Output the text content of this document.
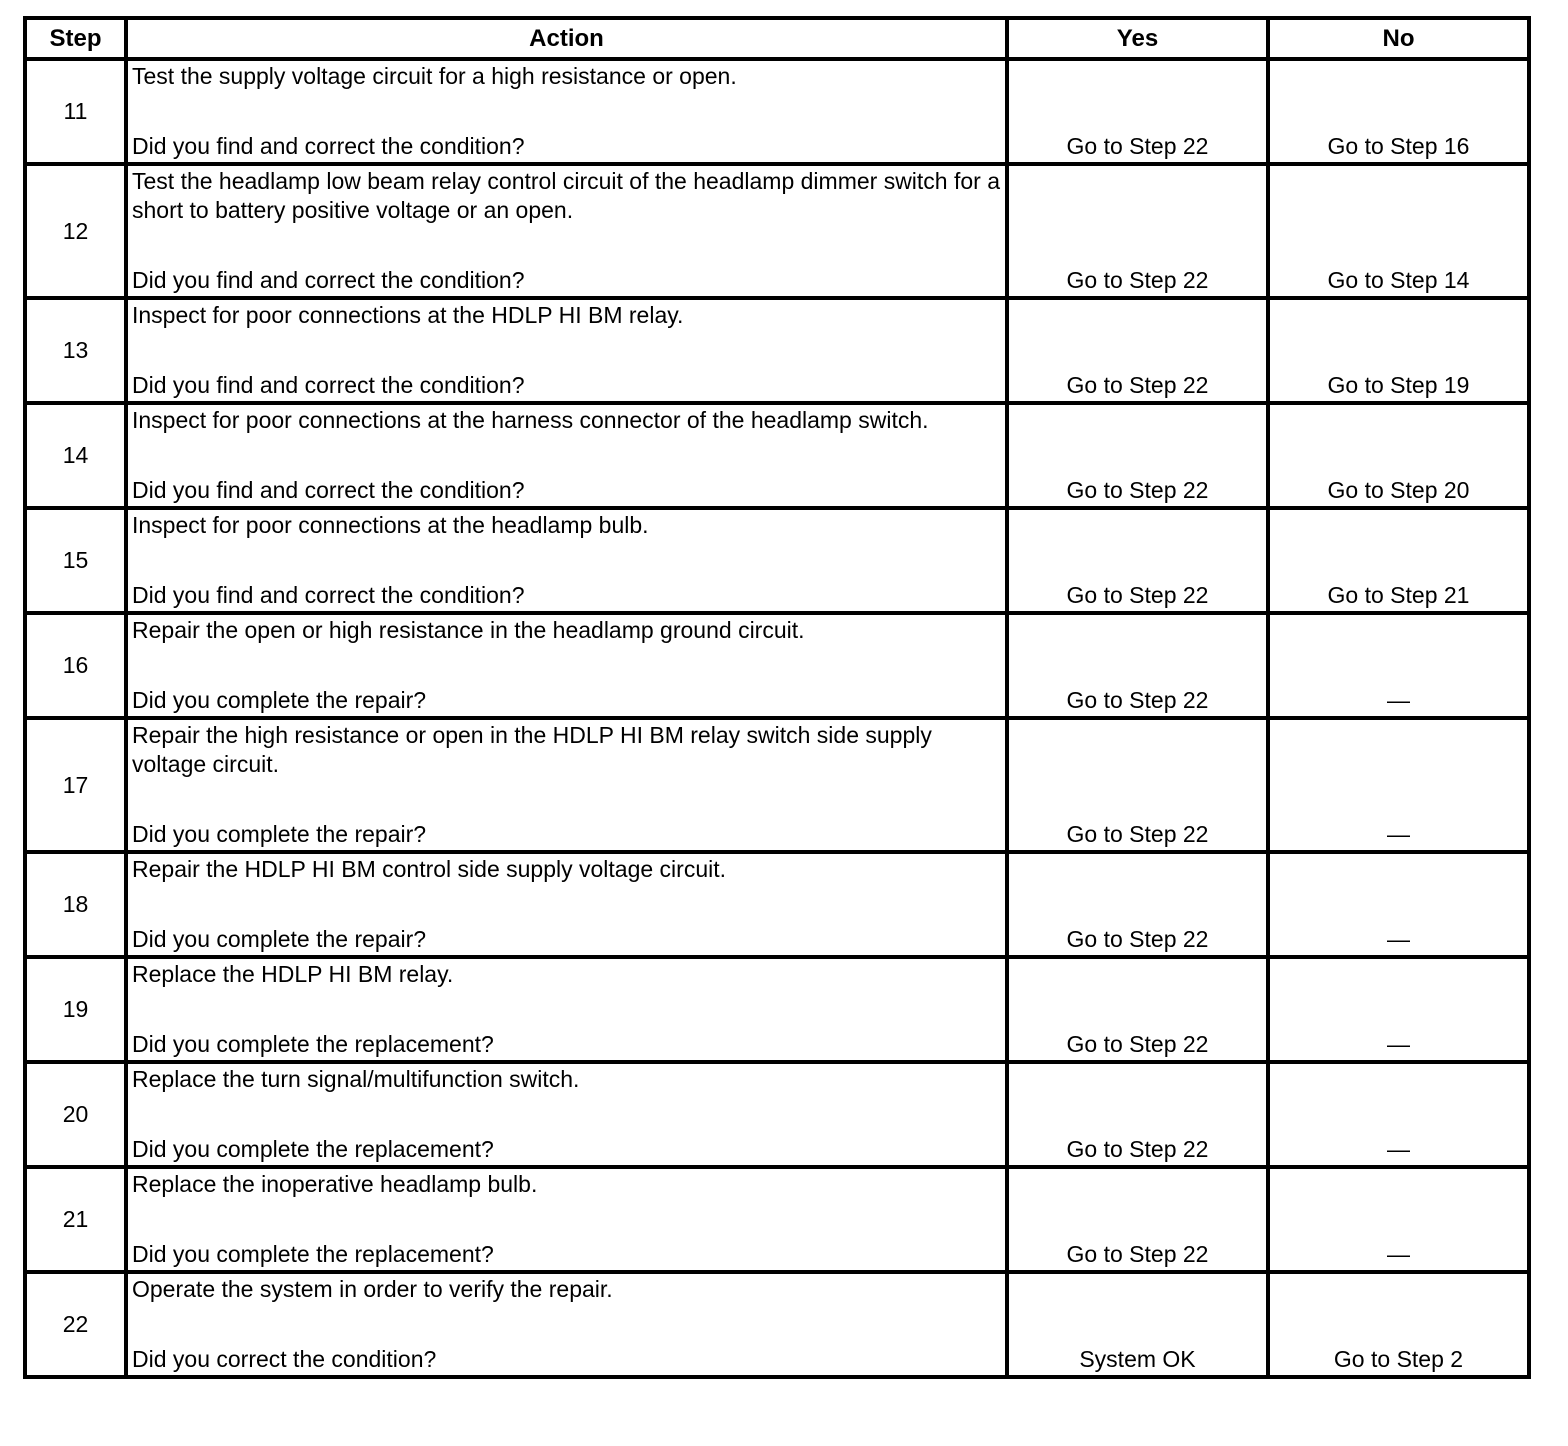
Step	Action	Yes	No
11	Test the supply voltage circuit for a high resistance or open.
Did you find and correct the condition?	Go to Step 22	Go to Step 16

12	Test the headlamp low beam relay control circuit of the headlamp dimmer switch for a short to battery positive voltage or an open.
Did you find and correct the condition?	Go to Step 22	Go to Step 14

13	Inspect for poor connections at the HDLP HI BM relay.
Did you find and correct the condition?	Go to Step 22	Go to Step 19

14	Inspect for poor connections at the harness connector of the headlamp switch.
Did you find and correct the condition?	Go to Step 22	Go to Step 20

15	Inspect for poor connections at the headlamp bulb.
Did you find and correct the condition?	Go to Step 22	Go to Step 21

16	Repair the open or high resistance in the headlamp ground circuit.
Did you complete the repair?	Go to Step 22	—

17	Repair the high resistance or open in the HDLP HI BM relay switch side supply voltage circuit.
Did you complete the repair?	Go to Step 22	—

18	Repair the HDLP HI BM control side supply voltage circuit.
Did you complete the repair?	Go to Step 22	—

19	Replace the HDLP HI BM relay.
Did you complete the replacement?	Go to Step 22	—

20	Replace the turn signal/multifunction switch.
Did you complete the replacement?	Go to Step 22	—

21	Replace the inoperative headlamp bulb.
Did you complete the replacement?	Go to Step 22	—

22	Operate the system in order to verify the repair.
Did you correct the condition?	System OK	Go to Step 2
